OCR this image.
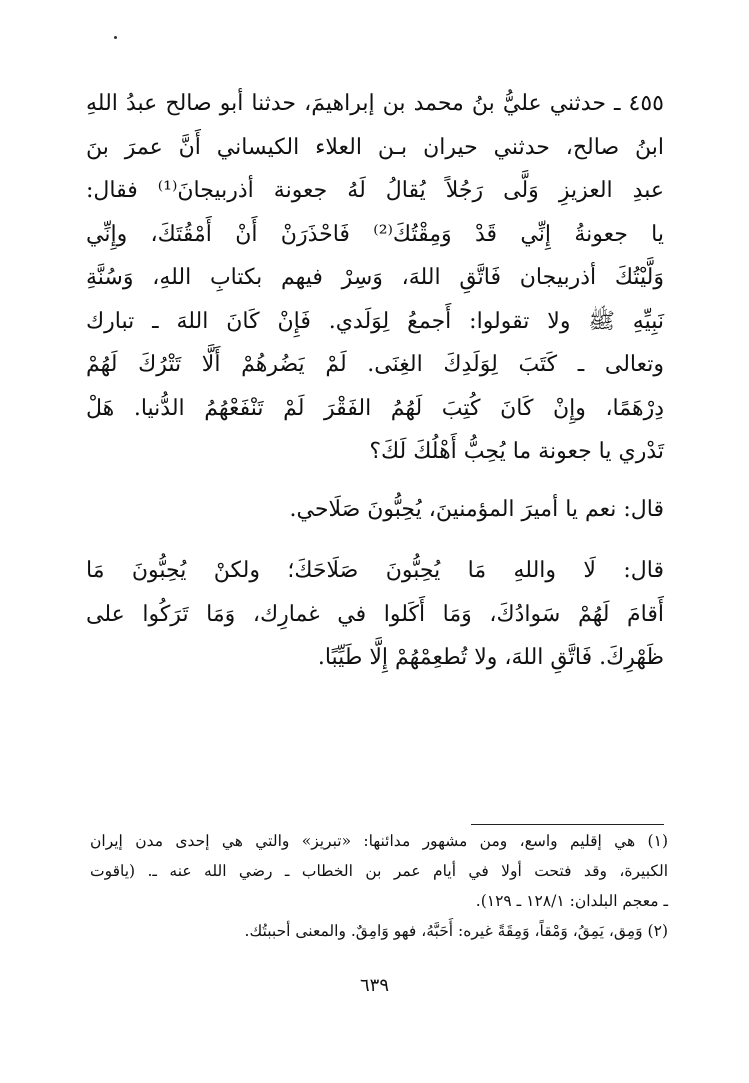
٤٥٥ ـ حدثني عليُّ بنُ محمد بن إبراهيمَ، حدثنا أبو صالح عبدُ اللهِ
ابنُ صالح، حدثني حيران بـن العلاء الكيساني أَنَّ عمرَ بنَ
عبدِ العزيزِ وَلَّى رَجُلاً يُقالُ لَهُ جعونة أذربيجانَ⁽¹⁾ فقال:
يا جعونةُ إِنِّي قَدْ وَمِقْتُكَ⁽²⁾ فَاحْذَرَنْ أَنْ أَمْقُتَكَ، وإِنِّي
وَلَّيْتُكَ أذربيجان فَاتَّقِ اللهَ، وَسِرْ فيهم بكتابِ اللهِ، وَسُنَّةِ
نَبِيِّهِ ﷺ ولا تقولوا: أَجمعُ لِوَلَدي. فَإِنْ كَانَ اللهَ ـ تبارك
وتعالى ـ كَتَبَ لِوَلَدِكَ الغِنَى. لَمْ يَضُرهُمْ أَلَّا تَتْرُكَ لَهُمْ
دِرْهَمًا، وإِنْ كَانَ كُتِبَ لَهُمُ الفَقْرَ لَمْ تَنْفَعْهُمُ الدُّنيا. هَلْ
تَدْري يا جعونة ما يُحِبُّ أَهْلُكَ لَكَ؟
قال: نعم يا أميرَ المؤمنينَ، يُحِبُّونَ صَلَاحي.
قال: لَا واللهِ مَا يُحِبُّونَ صَلَاحَكَ؛ ولكنْ يُحِبُّونَ مَا
أَقامَ لَهُمْ سَوادُكَ، وَمَا أَكَلوا في غمارِك، وَمَا تَرَكُوا على
ظَهْرِكَ. فَاتَّقِ اللهَ، ولا تُطعِمْهُمْ إِلَّا طَيِّبًا.
(١) هي إقليم واسع، ومن مشهور مدائنها: «تبريز» والتي هي إحدى مدن إيران
الكبيرة، وقد فتحت أولا في أيام عمر بن الخطاب ـ رضي الله عنه ـ. (ياقوت
ـ معجم البلدان: ١٢٨/١ ـ ١٢٩).
(٢) وَمِق، يَمِقُ، وَمْقاً، وَمِقَةً غيره: أَحَبَّهُ، فهو وَامِقٌ. والمعنى أحببتُك.
٦٣٩
